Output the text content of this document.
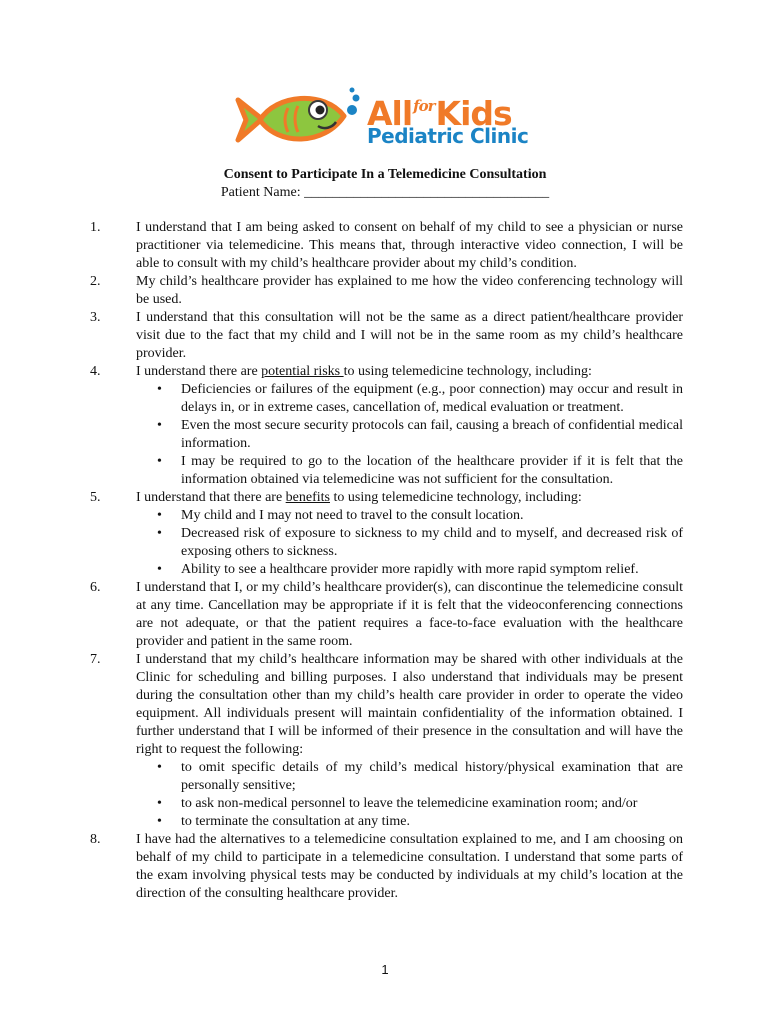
All$^{for}$Kids
Pediatric Clinic
Consent to Participate In a Telemedicine Consultation
Patient Name: ___________________________________
1.	I understand that I am being asked to consent on behalf of my child to see a physician or nurse practitioner via telemedicine. This means that, through interactive video connection, I will be able to consult with my child’s healthcare provider about my child’s condition.
2.	My child’s healthcare provider has explained to me how the video conferencing technology will be used.
3.	I understand that this consultation will not be the same as a direct patient/healthcare provider visit due to the fact that my child and I will not be in the same room as my child’s healthcare provider.
4.	I understand there are potential risks to using telemedicine technology, including:
• Deficiencies or failures of the equipment (e.g., poor connection) may occur and result in delays in, or in extreme cases, cancellation of, medical evaluation or treatment.
• Even the most secure security protocols can fail, causing a breach of confidential medical information.
• I may be required to go to the location of the healthcare provider if it is felt that the information obtained via telemedicine was not sufficient for the consultation.
5.	I understand that there are benefits to using telemedicine technology, including:
• My child and I may not need to travel to the consult location.
• Decreased risk of exposure to sickness to my child and to myself, and decreased risk of exposing others to sickness.
• Ability to see a healthcare provider more rapidly with more rapid symptom relief.
6.	I understand that I, or my child’s healthcare provider(s), can discontinue the telemedicine consult at any time. Cancellation may be appropriate if it is felt that the videoconferencing connections are not adequate, or that the patient requires a face-to-face evaluation with the healthcare provider and patient in the same room.
7.	I understand that my child’s healthcare information may be shared with other individuals at the Clinic for scheduling and billing purposes. I also understand that individuals may be present during the consultation other than my child’s health care provider in order to operate the video equipment. All individuals present will maintain confidentiality of the information obtained. I further understand that I will be informed of their presence in the consultation and will have the right to request the following:
• to omit specific details of my child’s medical history/physical examination that are personally sensitive;
• to ask non-medical personnel to leave the telemedicine examination room; and/or
• to terminate the consultation at any time.
8.	I have had the alternatives to a telemedicine consultation explained to me, and I am choosing on behalf of my child to participate in a telemedicine consultation. I understand that some parts of the exam involving physical tests may be conducted by individuals at my child’s location at the direction of the consulting healthcare provider.
1
